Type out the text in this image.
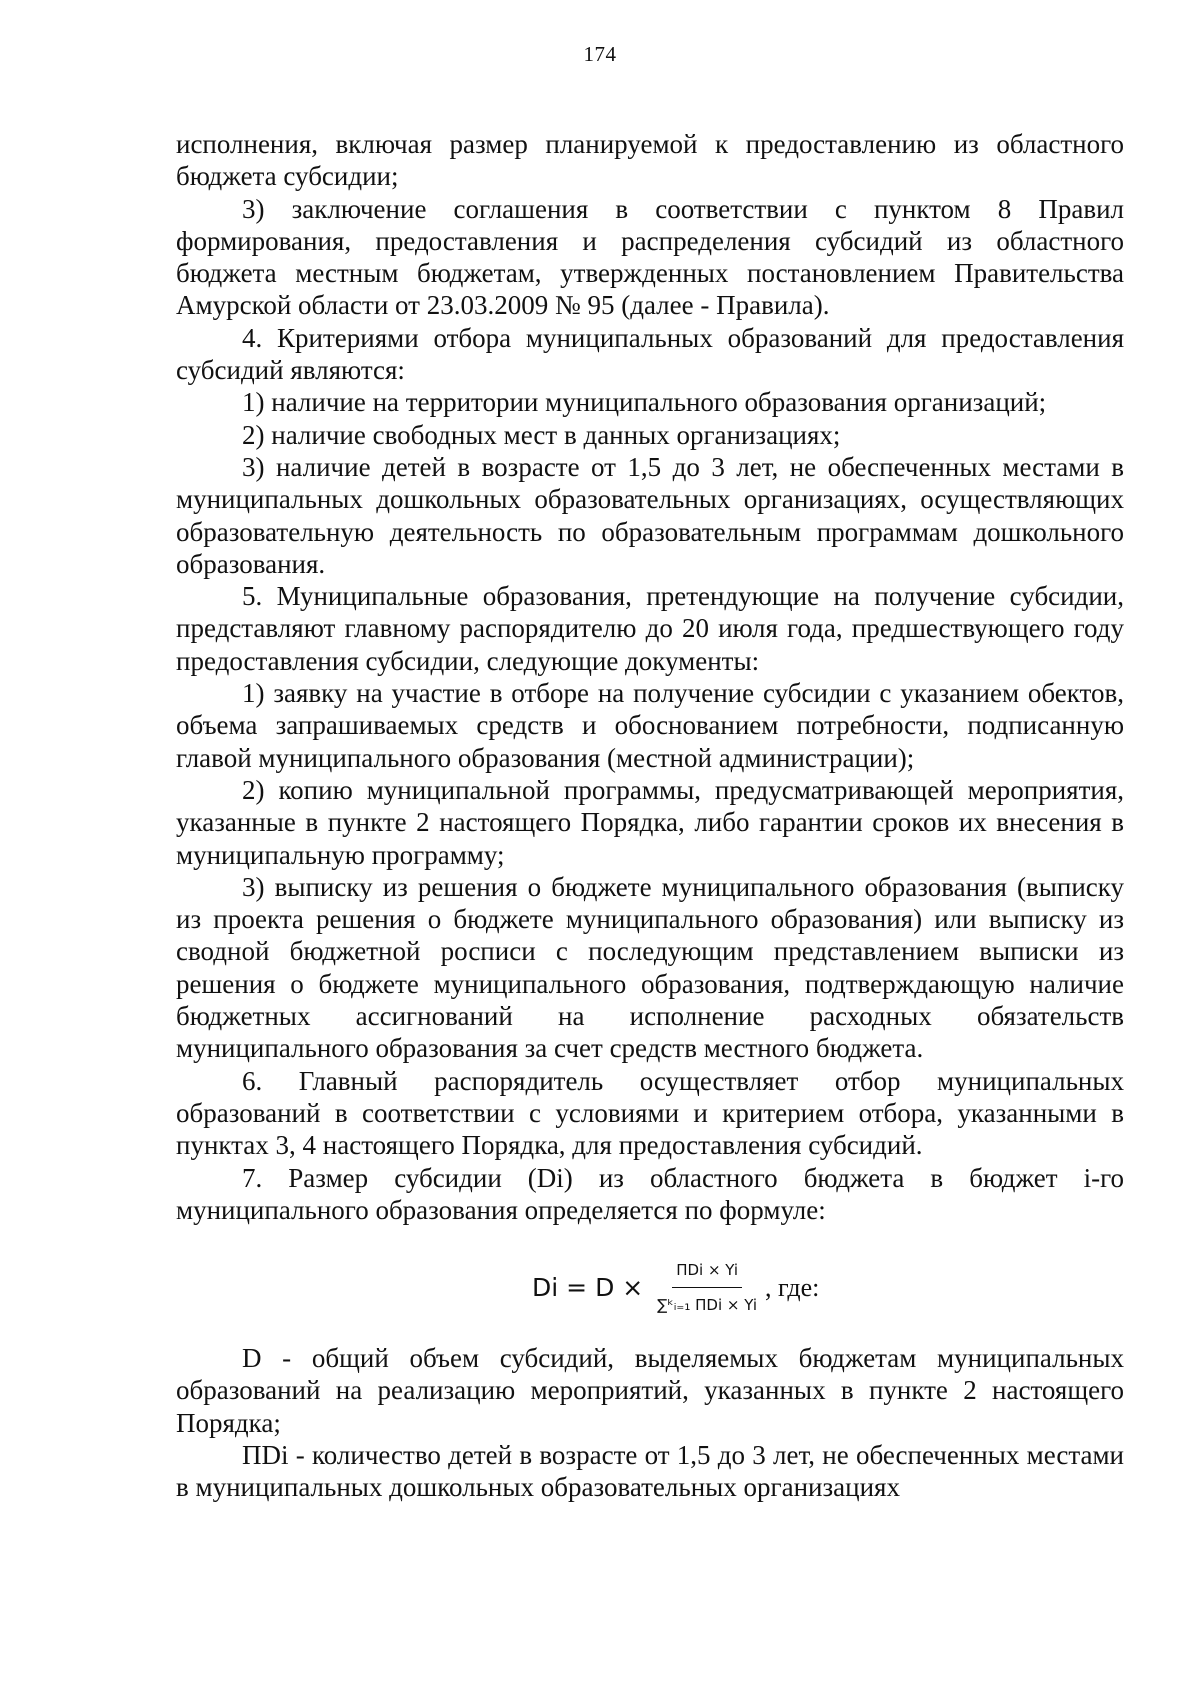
174

исполнения, включая размер планируемой к предоставлению из областного бюджета субсидии;

3) заключение соглашения в соответствии с пунктом 8 Правил формирования, предоставления и распределения субсидий из областного бюджета местным бюджетам, утвержденных постановлением Правительства Амурской области от 23.03.2009 № 95 (далее - Правила).

4. Критериями отбора муниципальных образований для предоставления субсидий являются:

1) наличие на территории муниципального образования организаций;

2) наличие свободных мест в данных организациях;

3) наличие детей в возрасте от 1,5 до 3 лет, не обеспеченных местами в муниципальных дошкольных образовательных организациях, осуществляющих образовательную деятельность по образовательным программам дошкольного образования.

5. Муниципальные образования, претендующие на получение субсидии, представляют главному распорядителю до 20 июля года, предшествующего году предоставления субсидии, следующие документы:

1) заявку на участие в отборе на получение субсидии с указанием обектов, объема запрашиваемых средств и обоснованием потребности, подписанную главой муниципального образования (местной администрации);

2) копию муниципальной программы, предусматривающей мероприятия, указанные в пункте 2 настоящего Порядка, либо гарантии сроков их внесения в муниципальную программу;

3) выписку из решения о бюджете муниципального образования (выписку из проекта решения о бюджете муниципального образования) или выписку из сводной бюджетной росписи с последующим представлением выписки из решения о бюджете муниципального образования, подтверждающую наличие бюджетных ассигнований на исполнение расходных обязательств муниципального образования за счет средств местного бюджета.

6. Главный распорядитель осуществляет отбор муниципальных образований в соответствии с условиями и критерием отбора, указанными в пунктах 3, 4 настоящего Порядка, для предоставления субсидий.

7. Размер субсидии (Di) из областного бюджета в бюджет i-го муниципального образования определяется по формуле:

$Di = D \times \frac{\text{ПDi × Yi}}{\text{∑ᵏᵢ₌₁ ПDi × Yi}}$ , где:

D - общий объем субсидий, выделяемых бюджетам муниципальных образований на реализацию мероприятий, указанных в пункте 2 настоящего Порядка;

ПDi - количество детей в возрасте от 1,5 до 3 лет, не обеспеченных местами в муниципальных дошкольных образовательных организациях
